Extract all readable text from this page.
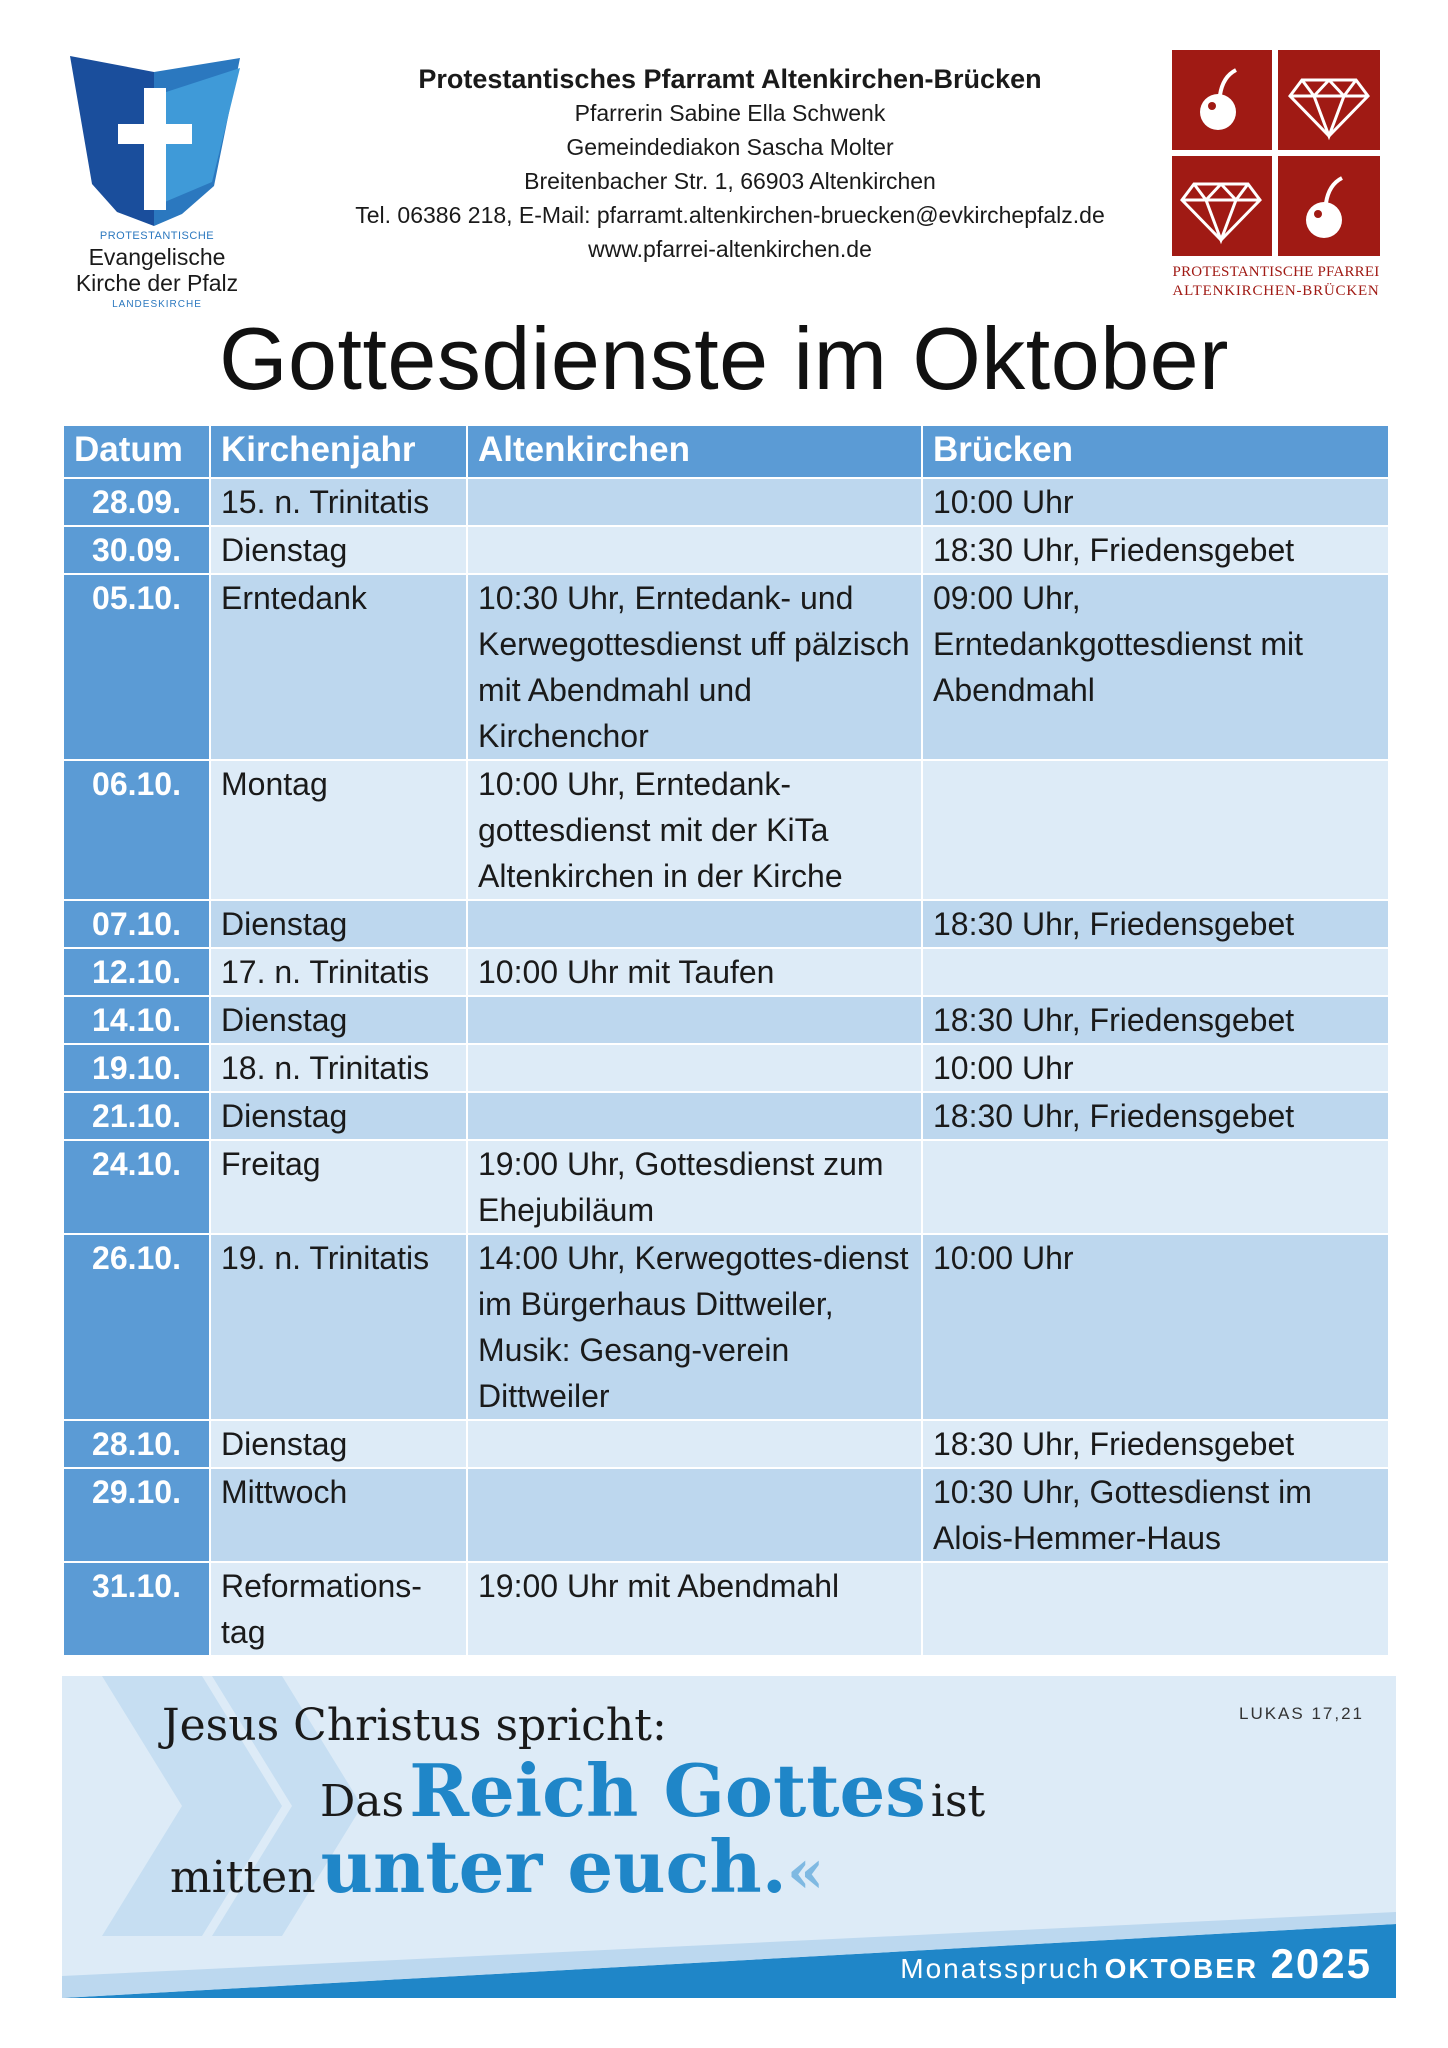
PROTESTANTISCHE
Evangelische
Kirche der Pfalz
LANDESKIRCHE
Protestantisches Pfarramt Altenkirchen-Brücken
Pfarrerin Sabine Ella Schwenk
Gemeindediakon Sascha Molter
Breitenbacher Str. 1, 66903 Altenkirchen
Tel. 06386 218, E-Mail: pfarramt.altenkirchen-bruecken@evkirchepfalz.de
www.pfarrei-altenkirchen.de
PROTESTANTISCHE PFARREI
ALTENKIRCHEN-BRÜCKEN
Gottesdienste im Oktober
Datum	Kirchenjahr	Altenkirchen	Brücken
28.09.	15. n. Trinitatis		10:00 Uhr
30.09.	Dienstag		18:30 Uhr, Friedensgebet
05.10.	Erntedank	10:30 Uhr, Erntedank- und Kerwegottesdienst uff pälzisch mit Abendmahl und Kirchenchor	09:00 Uhr, Erntedankgottesdienst mit Abendmahl
06.10.	Montag	10:00 Uhr, Erntedank-gottesdienst mit der KiTa Altenkirchen in der Kirche	
07.10.	Dienstag		18:30 Uhr, Friedensgebet
12.10.	17. n. Trinitatis	10:00 Uhr mit Taufen	
14.10.	Dienstag		18:30 Uhr, Friedensgebet
19.10.	18. n. Trinitatis		10:00 Uhr
21.10.	Dienstag		18:30 Uhr, Friedensgebet
24.10.	Freitag	19:00 Uhr, Gottesdienst zum Ehejubiläum	
26.10.	19. n. Trinitatis	14:00 Uhr, Kerwegottes-dienst im Bürgerhaus Dittweiler, Musik: Gesang-verein Dittweiler	10:00 Uhr
28.10.	Dienstag		18:30 Uhr, Friedensgebet
29.10.	Mittwoch		10:30 Uhr, Gottesdienst im Alois-Hemmer-Haus
31.10.	Reformations-tag	19:00 Uhr mit Abendmahl	
Jesus Christus spricht:	LUKAS 17,21
Das Reich Gottes ist
mitten unter euch.«
Monatsspruch OKTOBER 2025
